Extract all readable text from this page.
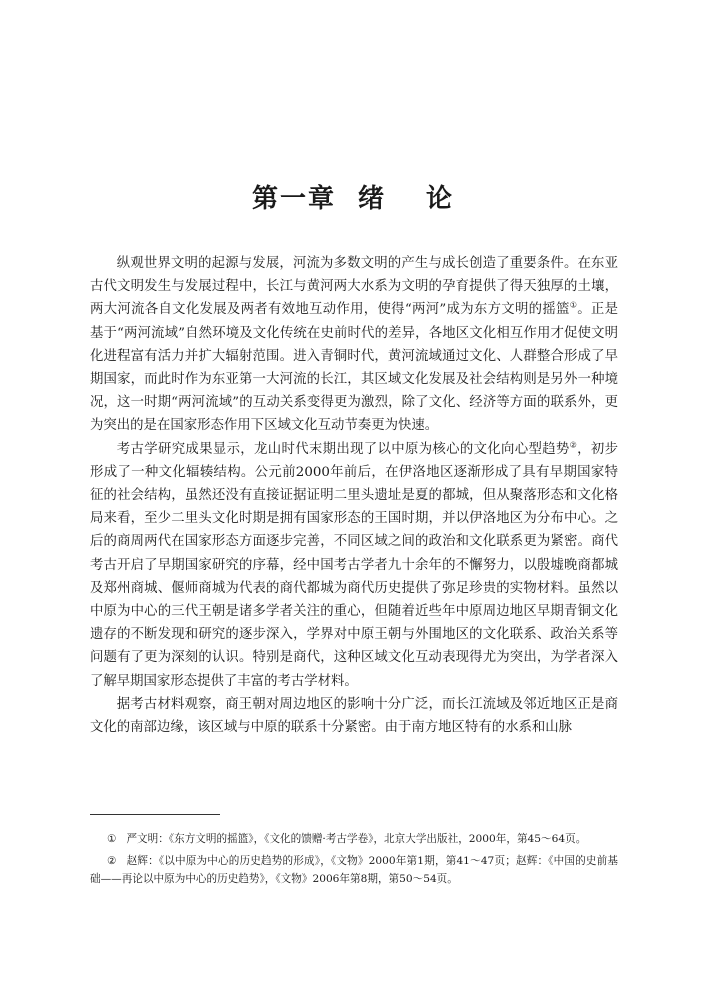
第一章 绪 论

纵观世界文明的起源与发展，河流为多数文明的产生与成长创造了重要条件。在东亚古代文明发生与发展过程中，长江与黄河两大水系为文明的孕育提供了得天独厚的土壤，两大河流各自文化发展及两者有效地互动作用，使得“两河”成为东方文明的摇篮①。正是基于“两河流域”自然环境及文化传统在史前时代的差异，各地区文化相互作用才促使文明化进程富有活力并扩大辐射范围。进入青铜时代，黄河流域通过文化、人群整合形成了早期国家，而此时作为东亚第一大河流的长江，其区域文化发展及社会结构则是另外一种境况，这一时期“两河流域”的互动关系变得更为激烈，除了文化、经济等方面的联系外，更为突出的是在国家形态作用下区域文化互动节奏更为快速。

考古学研究成果显示，龙山时代末期出现了以中原为核心的文化向心型趋势②，初步形成了一种文化辐辏结构。公元前2000年前后，在伊洛地区逐渐形成了具有早期国家特征的社会结构，虽然还没有直接证据证明二里头遗址是夏的都城，但从聚落形态和文化格局来看，至少二里头文化时期是拥有国家形态的王国时期，并以伊洛地区为分布中心。之后的商周两代在国家形态方面逐步完善，不同区域之间的政治和文化联系更为紧密。商代考古开启了早期国家研究的序幕，经中国考古学者九十余年的不懈努力，以殷墟晚商都城及郑州商城、偃师商城为代表的商代都城为商代历史提供了弥足珍贵的实物材料。虽然以中原为中心的三代王朝是诸多学者关注的重心，但随着近些年中原周边地区早期青铜文化遗存的不断发现和研究的逐步深入，学界对中原王朝与外围地区的文化联系、政治关系等问题有了更为深刻的认识。特别是商代，这种区域文化互动表现得尤为突出，为学者深入了解早期国家形态提供了丰富的考古学材料。

据考古材料观察，商王朝对周边地区的影响十分广泛，而长江流域及邻近地区正是商文化的南部边缘，该区域与中原的联系十分紧密。由于南方地区特有的水系和山脉

① 严文明：《东方文明的摇篮》，《文化的馈赠·考古学卷》，北京大学出版社，2000年，第45～64页。

② 赵辉：《以中原为中心的历史趋势的形成》，《文物》2000年第1期，第41～47页；赵辉：《中国的史前基础——再论以中原为中心的历史趋势》，《文物》2006年第8期，第50～54页。
